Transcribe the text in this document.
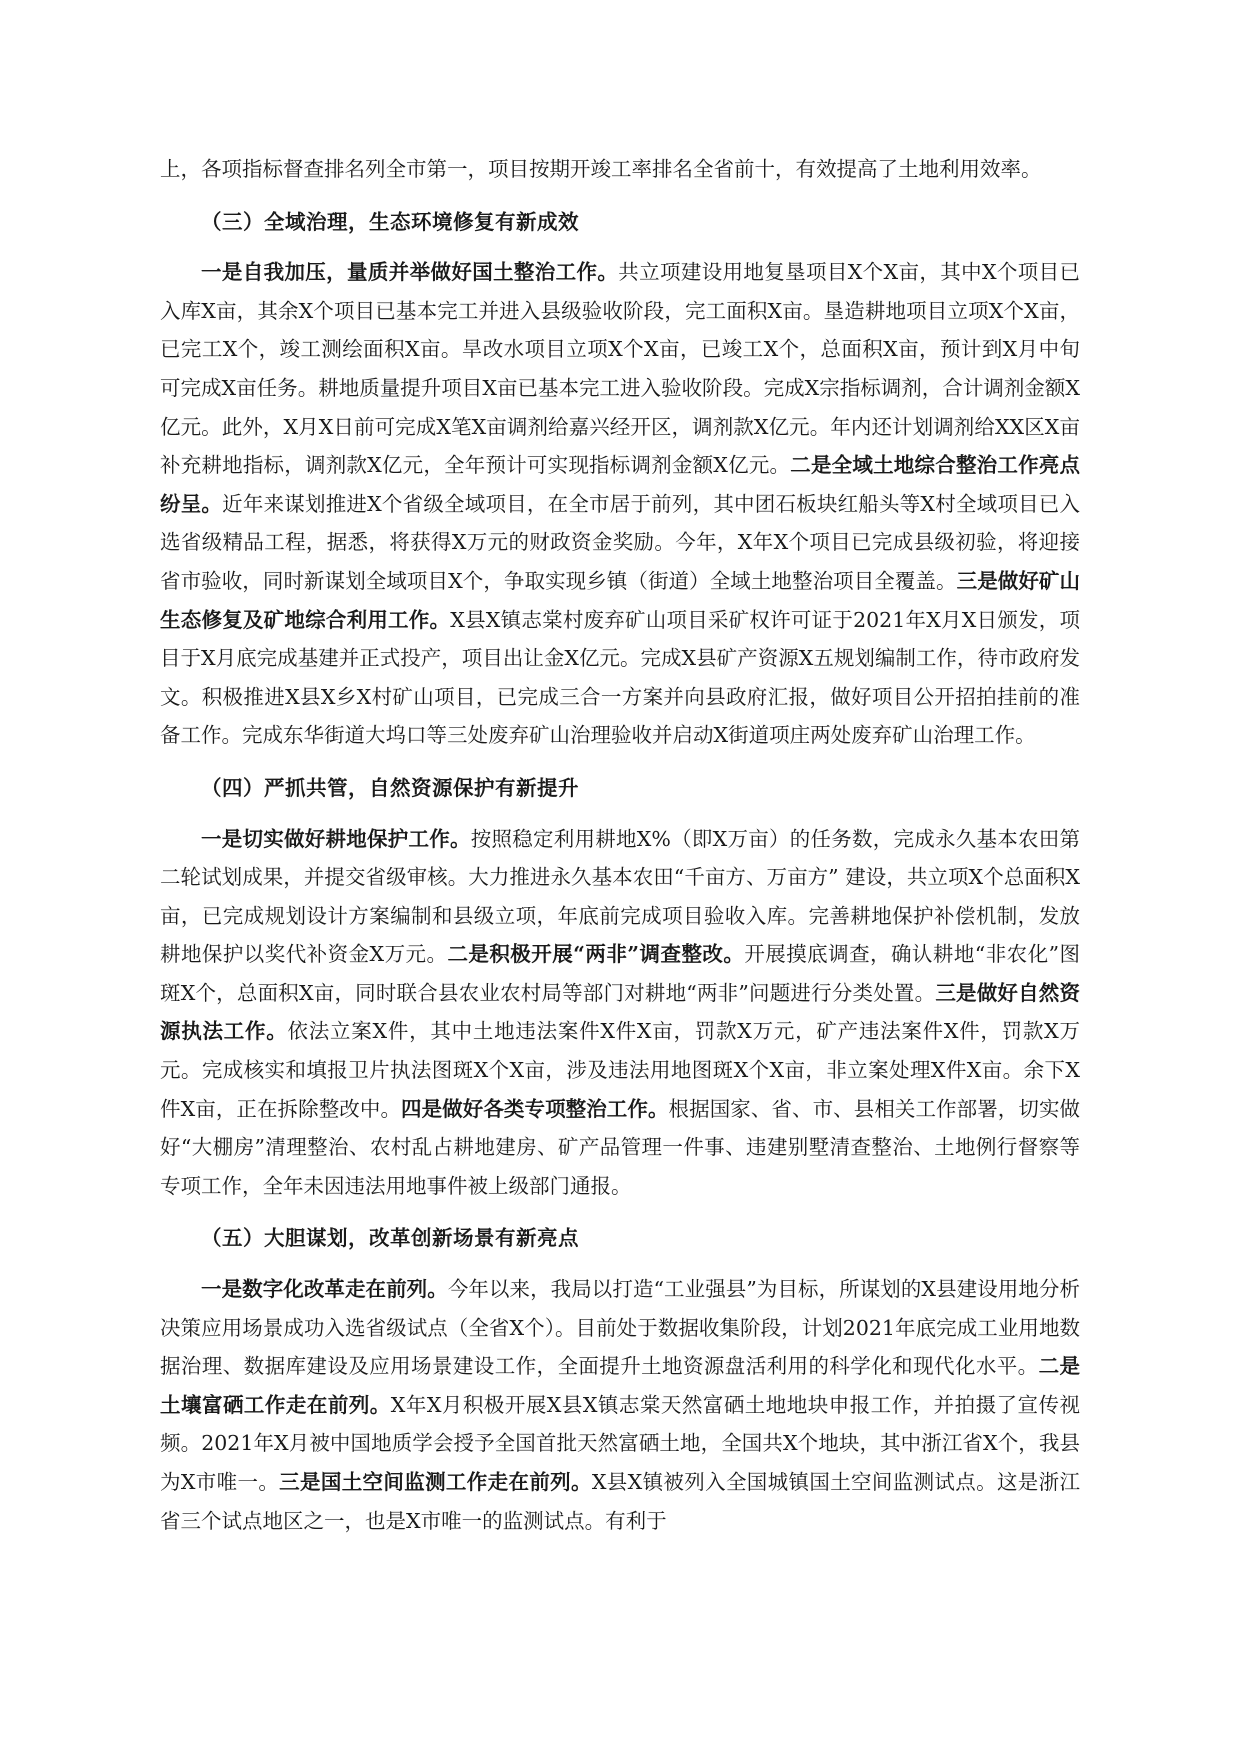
上，各项指标督查排名列全市第一，项目按期开竣工率排名全省前十，有效提高了土地利用效率。

（三）全域治理，生态环境修复有新成效

一是自我加压，量质并举做好国土整治工作。共立项建设用地复垦项目X个X亩，其中X个项目已入库X亩，其余X个项目已基本完工并进入县级验收阶段，完工面积X亩。垦造耕地项目立项X个X亩，已完工X个，竣工测绘面积X亩。旱改水项目立项X个X亩，已竣工X个，总面积X亩，预计到X月中旬可完成X亩任务。耕地质量提升项目X亩已基本完工进入验收阶段。完成X宗指标调剂，合计调剂金额X亿元。此外，X月X日前可完成X笔X亩调剂给嘉兴经开区，调剂款X亿元。年内还计划调剂给XX区X亩补充耕地指标，调剂款X亿元，全年预计可实现指标调剂金额X亿元。二是全域土地综合整治工作亮点纷呈。近年来谋划推进X个省级全域项目，在全市居于前列，其中团石板块红船头等X村全域项目已入选省级精品工程，据悉，将获得X万元的财政资金奖励。今年，X年X个项目已完成县级初验，将迎接省市验收，同时新谋划全域项目X个，争取实现乡镇（街道）全域土地整治项目全覆盖。三是做好矿山生态修复及矿地综合利用工作。X县X镇志棠村废弃矿山项目采矿权许可证于2021年X月X日颁发，项目于X月底完成基建并正式投产，项目出让金X亿元。完成X县矿产资源X五规划编制工作，待市政府发文。积极推进X县X乡X村矿山项目，已完成三合一方案并向县政府汇报，做好项目公开招拍挂前的准备工作。完成东华街道大坞口等三处废弃矿山治理验收并启动X街道项庄两处废弃矿山治理工作。

（四）严抓共管，自然资源保护有新提升

一是切实做好耕地保护工作。按照稳定利用耕地X%（即X万亩）的任务数，完成永久基本农田第二轮试划成果，并提交省级审核。大力推进永久基本农田“千亩方、万亩方” 建设，共立项X个总面积X亩，已完成规划设计方案编制和县级立项，年底前完成项目验收入库。完善耕地保护补偿机制，发放耕地保护以奖代补资金X万元。二是积极开展“两非”调查整改。开展摸底调查，确认耕地“非农化”图斑X个，总面积X亩，同时联合县农业农村局等部门对耕地“两非”问题进行分类处置。三是做好自然资源执法工作。依法立案X件，其中土地违法案件X件X亩，罚款X万元，矿产违法案件X件，罚款X万元。完成核实和填报卫片执法图斑X个X亩，涉及违法用地图斑X个X亩，非立案处理X件X亩。余下X件X亩，正在拆除整改中。四是做好各类专项整治工作。根据国家、省、市、县相关工作部署，切实做好“大棚房”清理整治、农村乱占耕地建房、矿产品管理一件事、违建别墅清查整治、土地例行督察等专项工作，全年未因违法用地事件被上级部门通报。

（五）大胆谋划，改革创新场景有新亮点

一是数字化改革走在前列。今年以来，我局以打造“工业强县”为目标，所谋划的X县建设用地分析决策应用场景成功入选省级试点（全省X个）。目前处于数据收集阶段，计划2021年底完成工业用地数据治理、数据库建设及应用场景建设工作，全面提升土地资源盘活利用的科学化和现代化水平。二是土壤富硒工作走在前列。X年X月积极开展X县X镇志棠天然富硒土地地块申报工作，并拍摄了宣传视频。2021年X月被中国地质学会授予全国首批天然富硒土地，全国共X个地块，其中浙江省X个，我县为X市唯一。三是国土空间监测工作走在前列。X县X镇被列入全国城镇国土空间监测试点。这是浙江省三个试点地区之一，也是X市唯一的监测试点。有利于
